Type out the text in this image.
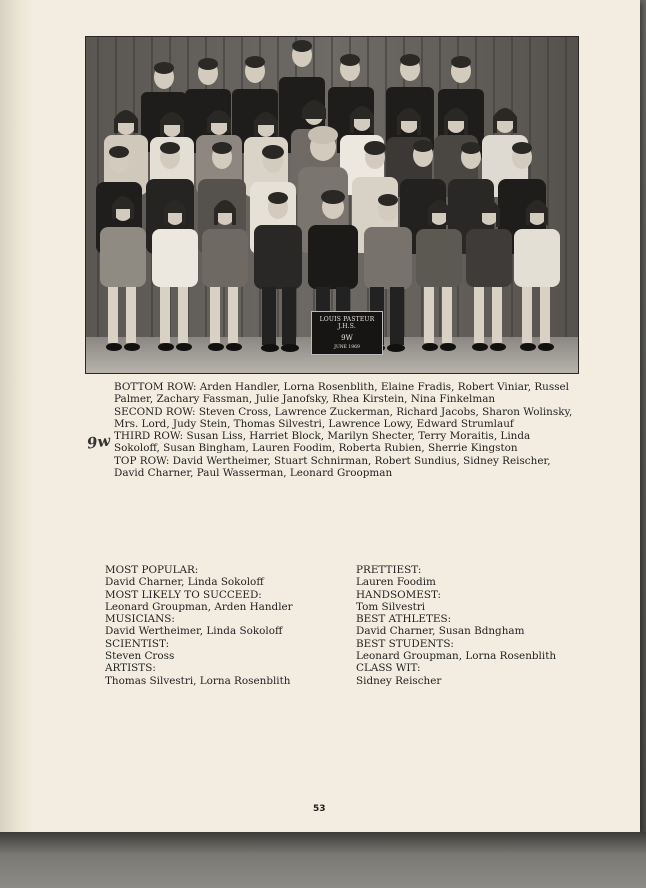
LOUIS PASTEUR J.H.S.
9W
JUNE 1969

BOTTOM ROW: Arden Handler, Lorna Rosenblith, Elaine Fradis, Robert Viniar, Russel Palmer, Zachary Fassman, Julie Janofsky, Rhea Kirstein, Nina Finkelman

SECOND ROW: Steven Cross, Lawrence Zuckerman, Richard Jacobs, Sharon Wolinsky, Mrs. Lord, Judy Stein, Thomas Silvestri, Lawrence Lowy, Edward Strumlauf

THIRD ROW: Susan Liss, Harriet Block, Marilyn Shecter, Terry Moraitis, Linda Sokoloff, Susan Bingham, Lauren Foodim, Roberta Rubien, Sherrie Kingston

TOP ROW: David Wertheimer, Stuart Schnirman, Robert Sundius, Sidney Reischer, David Charner, Paul Wasserman, Leonard Groopman

9w
MOST POPULAR:
David Charner, Linda Sokoloff
MOST LIKELY TO SUCCEED:
Leonard Groupman, Arden Handler
MUSICIANS:
David Wertheimer, Linda Sokoloff
SCIENTIST:
Steven Cross
ARTISTS:
Thomas Silvestri, Lorna Rosenblith
PRETTIEST:
Lauren Foodim
HANDSOMEST:
Tom Silvestri
BEST ATHLETES:
David Charner, Susan Bdngham
BEST STUDENTS:
Leonard Groupman, Lorna Rosenblith
CLASS WIT:
Sidney Reischer
53
